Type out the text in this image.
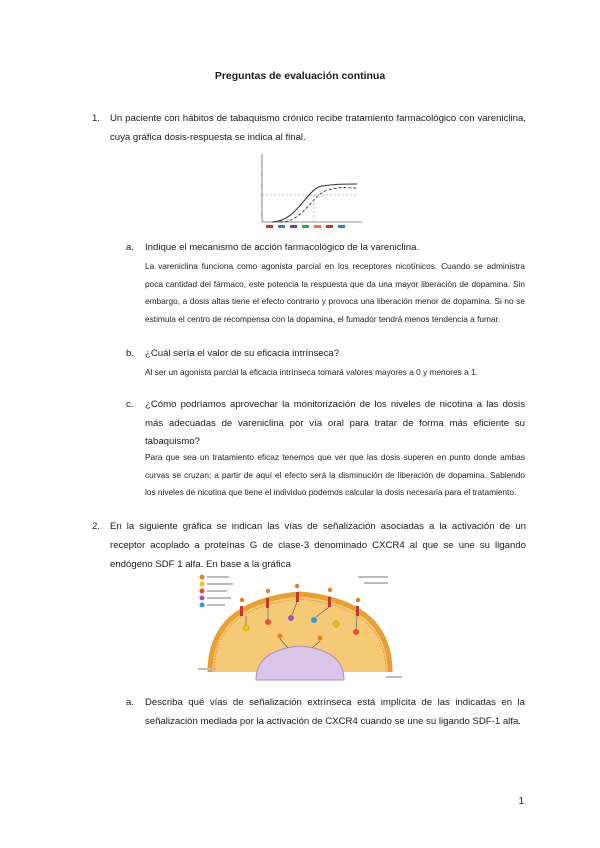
Preguntas de evaluación continua
1. Un paciente con hábitos de tabaquismo crónico recibe tratamiento farmacológico con vareniclina, cuya gráfica dosis-respuesta se indica al final.
a. Indique el mecanismo de acción farmacológico de la vareniclina.
La vareniclina funciona como agonista parcial en los receptores nicotínicos. Cuando se administra poca cantidad del fármaco, este potencia la respuesta que da una mayor liberación de dopamina. Sin embargo, a dosis altas tiene el efecto contrario y provoca una liberación menor de dopamina. Si no se estimula el centro de recompensa con la dopamina, el fumador tendrá menos tendencia a fumar.
b. ¿Cuál sería el valor de su eficacia intrínseca?
Al ser un agonista parcial la eficacia intrínseca tomará valores mayores a 0 y menores a 1.
c. ¿Cómo podríamos aprovechar la monitorización de los niveles de nicotina a las dosis más adecuadas de vareniclina por vía oral para tratar de forma más eficiente su tabaquismo?
Para que sea un tratamiento eficaz tenemos que ver que las dosis superen en punto donde ambas curvas se cruzan; a partir de aquí el efecto será la disminución de liberación de dopamina. Sabiendo los niveles de nicotina que tiene el individuo podemos calcular la dosis necesaria para el tratamiento.
2. En la siguiente gráfica se indican las vías de señalización asociadas a la activación de un receptor acoplado a proteínas G de clase-3 denominado CXCR4 al que se une su ligando endógeno SDF 1 alfa. En base a la gráfica
a. Describa qué vías de señalización extrínseca está implícita de las indicadas en la señalización mediada por la activación de CXCR4 cuando se une su ligando SDF-1 alfa.
1
